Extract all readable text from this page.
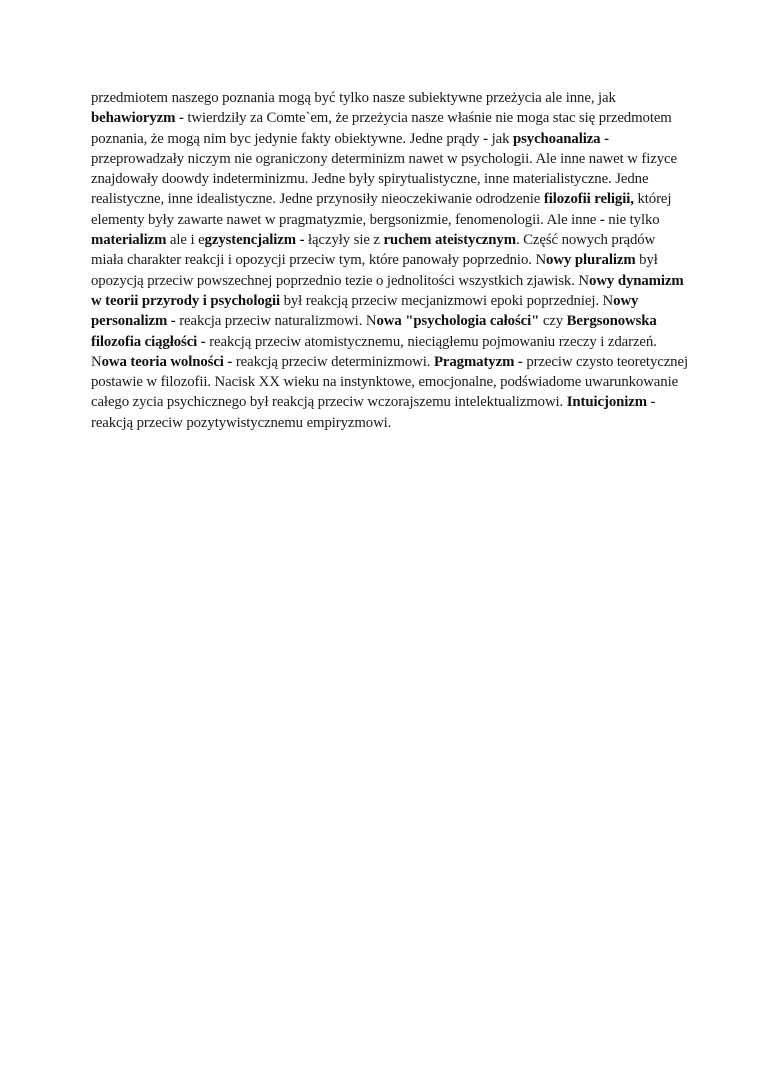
przedmiotem naszego poznania mogą być tylko nasze subiektywne przeżycia ale inne, jak
behawioryzm - twierdziły za Comte`em, że przeżycia nasze właśnie nie moga stac się przedmotem
poznania, że mogą nim byc jedynie fakty obiektywne. Jedne prądy - jak psychoanaliza -
przeprowadzały niczym nie ograniczony determinizm nawet w psychologii. Ale inne nawet w fizyce
znajdowały doowdy indeterminizmu. Jedne były spirytualistyczne, inne materialistyczne. Jedne
realistyczne, inne idealistyczne. Jedne przynosiły nieoczekiwanie odrodzenie filozofii religii, której
elementy były zawarte nawet w pragmatyzmie, bergsonizmie, fenomenologii. Ale inne - nie tylko
materializm ale i egzystencjalizm - łączyły sie z ruchem ateistycznym. Część nowych prądów
miała charakter reakcji i opozycji przeciw tym, które panowały poprzednio. Nowy pluralizm był
opozycją przeciw powszechnej poprzednio tezie o jednolitości wszystkich zjawisk. Nowy dynamizm
w teorii przyrody i psychologii był reakcją przeciw mecjanizmowi epoki poprzedniej. Nowy
personalizm - reakcja przeciw naturalizmowi. Nowa "psychologia całości" czy Bergsonowska
filozofia ciągłości - reakcją przeciw atomistycznemu, nieciągłemu pojmowaniu rzeczy i zdarzeń.
Nowa teoria wolności - reakcją przeciw determinizmowi. Pragmatyzm - przeciw czysto teoretycznej
postawie w filozofii. Nacisk XX wieku na instynktowe, emocjonalne, podświadome uwarunkowanie
całego zycia psychicznego był reakcją przeciw wczorajszemu intelektualizmowi. Intuicjonizm -
reakcją przeciw pozytywistycznemu empiryzmowi.
